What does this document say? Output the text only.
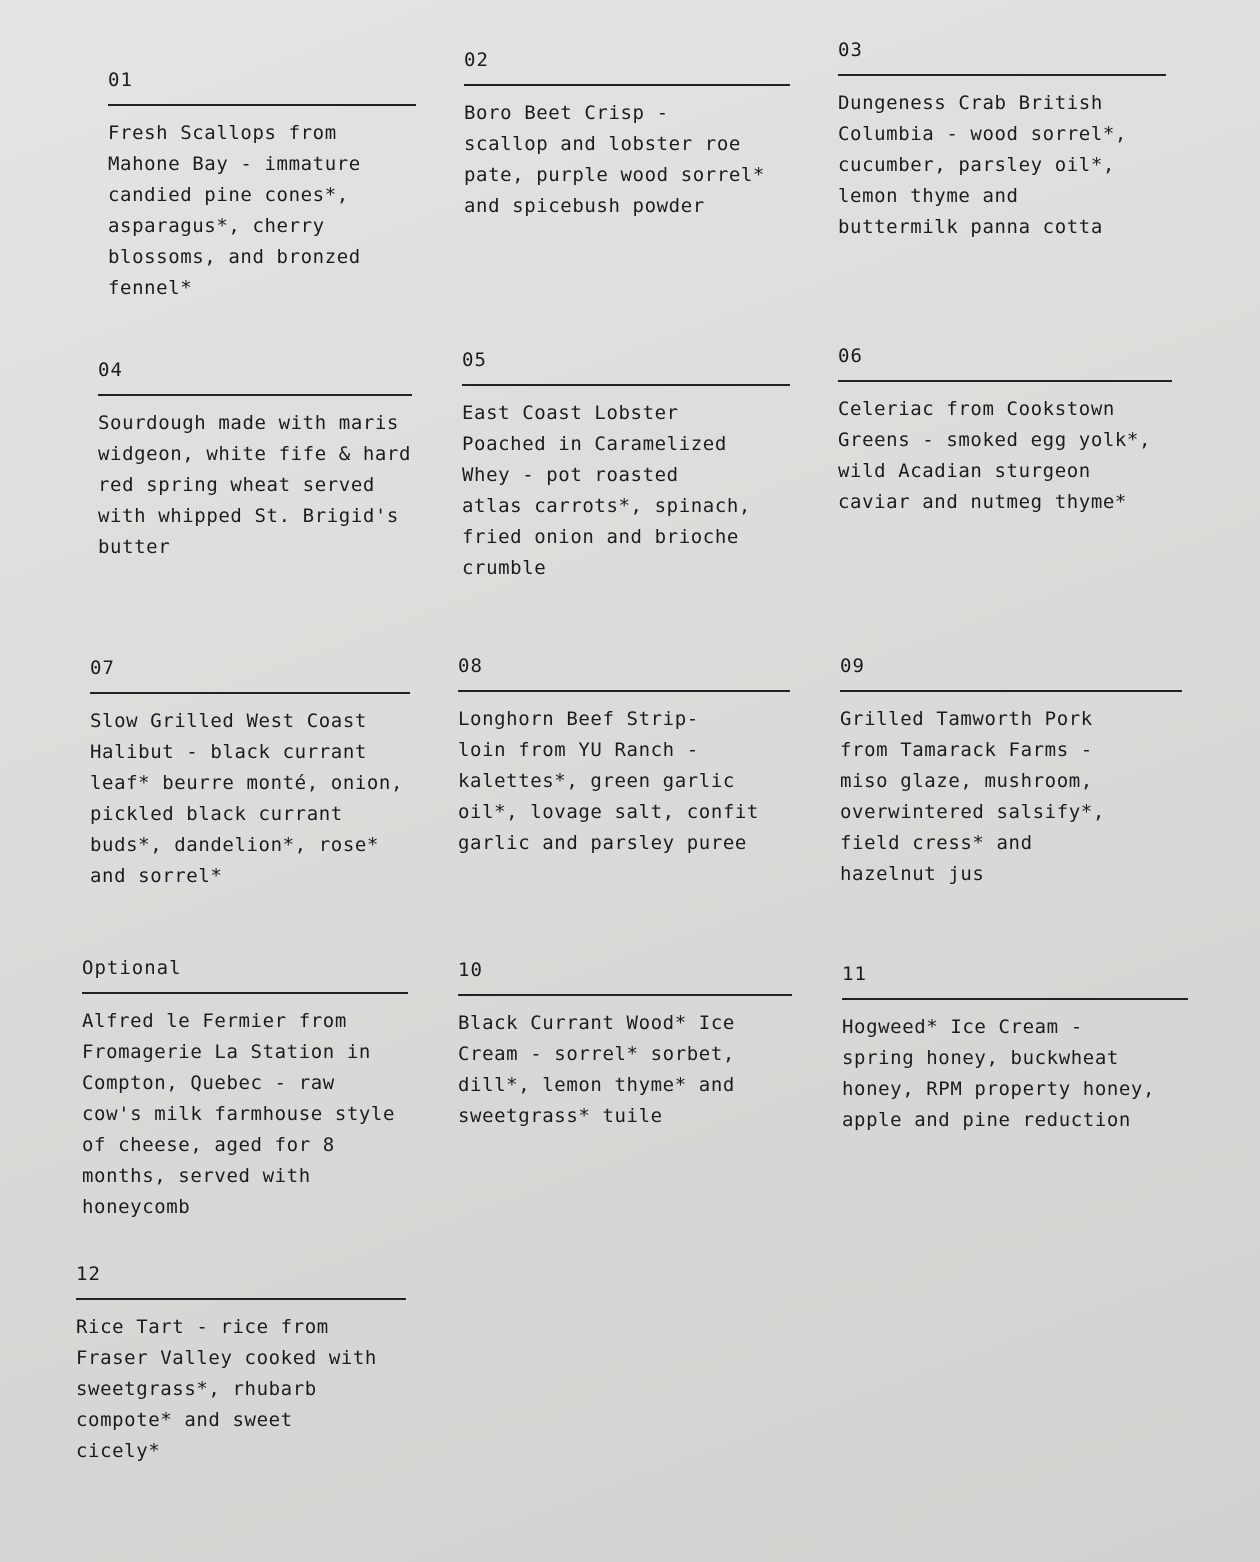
01
Fresh Scallops from
Mahone Bay - immature
candied pine cones*,
asparagus*, cherry
blossoms, and bronzed
fennel*
02
Boro Beet Crisp -
scallop and lobster roe
pate, purple wood sorrel*
and spicebush powder
03
Dungeness Crab British
Columbia - wood sorrel*,
cucumber, parsley oil*,
lemon thyme and
buttermilk panna cotta
04
Sourdough made with maris
widgeon, white fife & hard
red spring wheat served
with whipped St. Brigid's
butter
05
East Coast Lobster
Poached in Caramelized
Whey - pot roasted
atlas carrots*, spinach,
fried onion and brioche
crumble
06
Celeriac from Cookstown
Greens - smoked egg yolk*,
wild Acadian sturgeon
caviar and nutmeg thyme*
07
Slow Grilled West Coast
Halibut - black currant
leaf* beurre monté, onion,
pickled black currant
buds*, dandelion*, rose*
and sorrel*
08
Longhorn Beef Strip-
loin from YU Ranch -
kalettes*, green garlic
oil*, lovage salt, confit
garlic and parsley puree
09
Grilled Tamworth Pork
from Tamarack Farms -
miso glaze, mushroom,
overwintered salsify*,
field cress* and
hazelnut jus
Optional
Alfred le Fermier from
Fromagerie La Station in
Compton, Quebec - raw
cow's milk farmhouse style
of cheese, aged for 8
months, served with
honeycomb
10
Black Currant Wood* Ice
Cream - sorrel* sorbet,
dill*, lemon thyme* and
sweetgrass* tuile
11
Hogweed* Ice Cream -
spring honey, buckwheat
honey, RPM property honey,
apple and pine reduction
12
Rice Tart - rice from
Fraser Valley cooked with
sweetgrass*, rhubarb
compote* and sweet
cicely*
